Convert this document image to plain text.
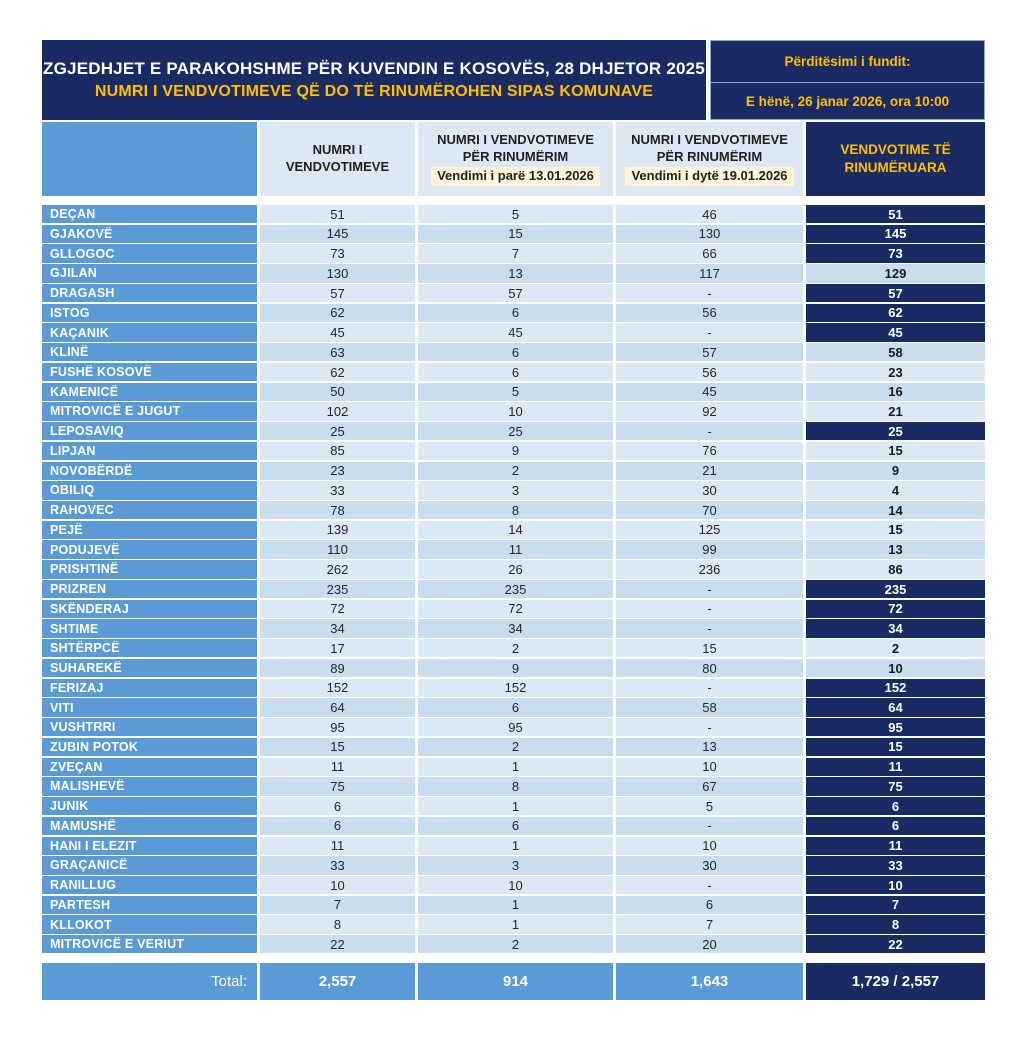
ZGJEDHJET E PARAKOHSHME PËR KUVENDIN E KOSOVËS, 28 DHJETOR 2025
NUMRI I VENDVOTIMEVE QË DO TË RINUMËROHEN SIPAS KOMUNAVE
Përditësimi i fundit:
E hënë, 26 janar 2026, ora 10:00
NUMRI I
VENDVOTIMEVE
NUMRI I VENDVOTIMEVE
PËR RINUMËRIM
Vendimi i parë 13.01.2026
NUMRI I VENDVOTIMEVE
PËR RINUMËRIM
Vendimi i dytë 19.01.2026
VENDVOTIME TË
RINUMËRUARA
DEÇAN	51	5	46	51
GJAKOVË	145	15	130	145
GLLOGOC	73	7	66	73
GJILAN	130	13	117	129
DRAGASH	57	57	-	57
ISTOG	62	6	56	62
KAÇANIK	45	45	-	45
KLINË	63	6	57	58
FUSHË KOSOVË	62	6	56	23
KAMENICË	50	5	45	16
MITROVICË E JUGUT	102	10	92	21
LEPOSAVIQ	25	25	-	25
LIPJAN	85	9	76	15
NOVOBËRDË	23	2	21	9
OBILIQ	33	3	30	4
RAHOVEC	78	8	70	14
PEJË	139	14	125	15
PODUJEVË	110	11	99	13
PRISHTINË	262	26	236	86
PRIZREN	235	235	-	235
SKËNDERAJ	72	72	-	72
SHTIME	34	34	-	34
SHTËRPCË	17	2	15	2
SUHAREKË	89	9	80	10
FERIZAJ	152	152	-	152
VITI	64	6	58	64
VUSHTRRI	95	95	-	95
ZUBIN POTOK	15	2	13	15
ZVEÇAN	11	1	10	11
MALISHEVË	75	8	67	75
JUNIK	6	1	5	6
MAMUSHË	6	6	-	6
HANI I ELEZIT	11	1	10	11
GRAÇANICË	33	3	30	33
RANILLUG	10	10	-	10
PARTESH	7	1	6	7
KLLOKOT	8	1	7	8
MITROVICË E VERIUT	22	2	20	22
Total:	2,557	914	1,643	1,729 / 2,557
